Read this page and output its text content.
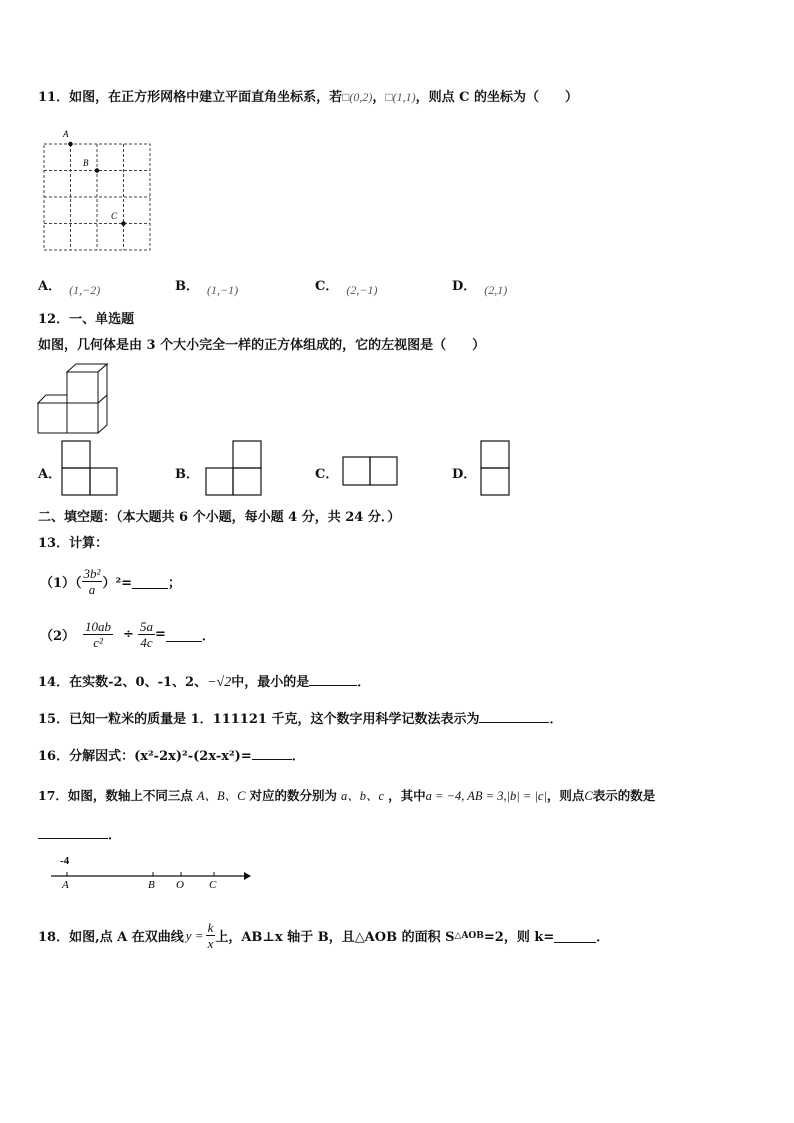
11．如图，在正方形网格中建立平面直角坐标系，若□(0,2)，□(1,1)，则点 C 的坐标为（　　）
A
B
C
A． (1,−2)	B． (1,−1)	C． (2,−1)	D． (2,1)
12．一、单选题
如图，几何体是由 3 个大小完全一样的正方体组成的，它的左视图是（　　）
A．	B．	C．	D．
二、填空题：（本大题共 6 个小题，每小题 4 分，共 24 分．）
13．计算：
$(1)( \frac{\text{3b²}}{a} )^2=$	；
$(2) \frac{10ab}{\text{c²}} \div \frac{5a}{4c}$ =	．
14．在实数-2、0、-1、2、−√2中，最小的是	．
15．已知一粒米的质量是 1．111121 千克，这个数字用科学记数法表示为	．
16．分解因式：(x²-2x)²-(2x-x²)=	．
17．如图，数轴上不同三点 A、B、C 对应的数分别为 a、b、c ，其中a = −4, AB = 3,|b| = |c|，则点C表示的数是
．
-4
A	B O C
18．如图,点 A 在双曲线 $y = \frac{k}{x}$ 上，AB⊥x 轴于 B，且△AOB 的面积 S △AOB =2，则 k=	．
